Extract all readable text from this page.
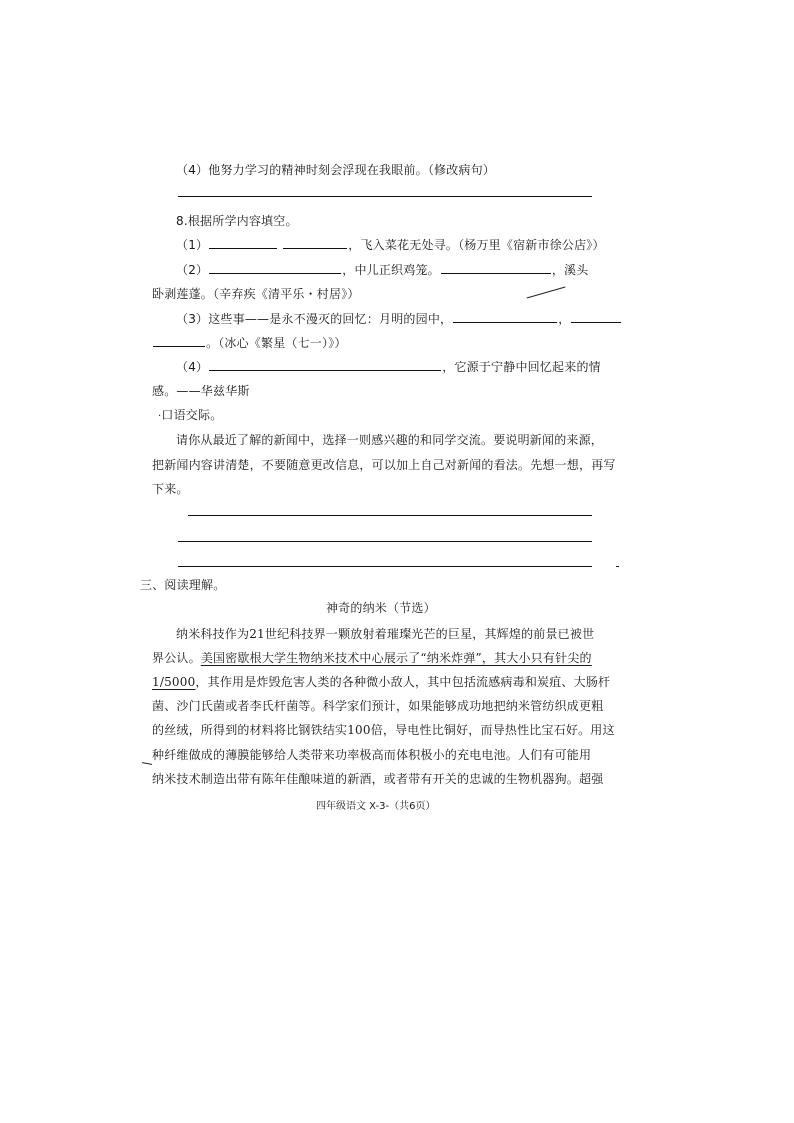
（4）他努力学习的精神时刻会浮现在我眼前。（修改病句）
8.根据所学内容填空。
（1）	，飞入菜花无处寻。（杨万里《宿新市徐公店》）
（2）	，中儿正织鸡笼。	，溪头
卧剥莲蓬。（辛弃疾《清平乐・村居》）
（3）这些事——是永不漫灭的回忆：月明的园中，	，
。（冰心《繁星（七一）》）
（4）	，它源于宁静中回忆起来的情
感。——华兹华斯
·口语交际。
请你从最近了解的新闻中，选择一则感兴趣的和同学交流。要说明新闻的来源，
把新闻内容讲清楚，不要随意更改信息，可以加上自己对新闻的看法。先想一想，再写
下来。
三、阅读理解。
神奇的纳米（节选）
纳米科技作为21世纪科技界一颗放射着璀璨光芒的巨星，其辉煌的前景已被世
界公认。美国密歇根大学生物纳米技术中心展示了“纳米炸弹”，其大小只有针尖的
1/5000，其作用是炸毁危害人类的各种微小敌人，其中包括流感病毒和炭疽、大肠杆
菌、沙门氏菌或者李氏杆菌等。科学家们预计，如果能够成功地把纳米管纺织成更粗
的丝绒，所得到的材料将比钢铁结实100倍，导电性比铜好，而导热性比宝石好。用这
种纤维做成的薄膜能够给人类带来功率极高而体积极小的充电电池。人们有可能用
纳米技术制造出带有陈年佳酿味道的新酒，或者带有开关的忠诚的生物机器狗。超强
四年级语文 X-3-（共6页）
